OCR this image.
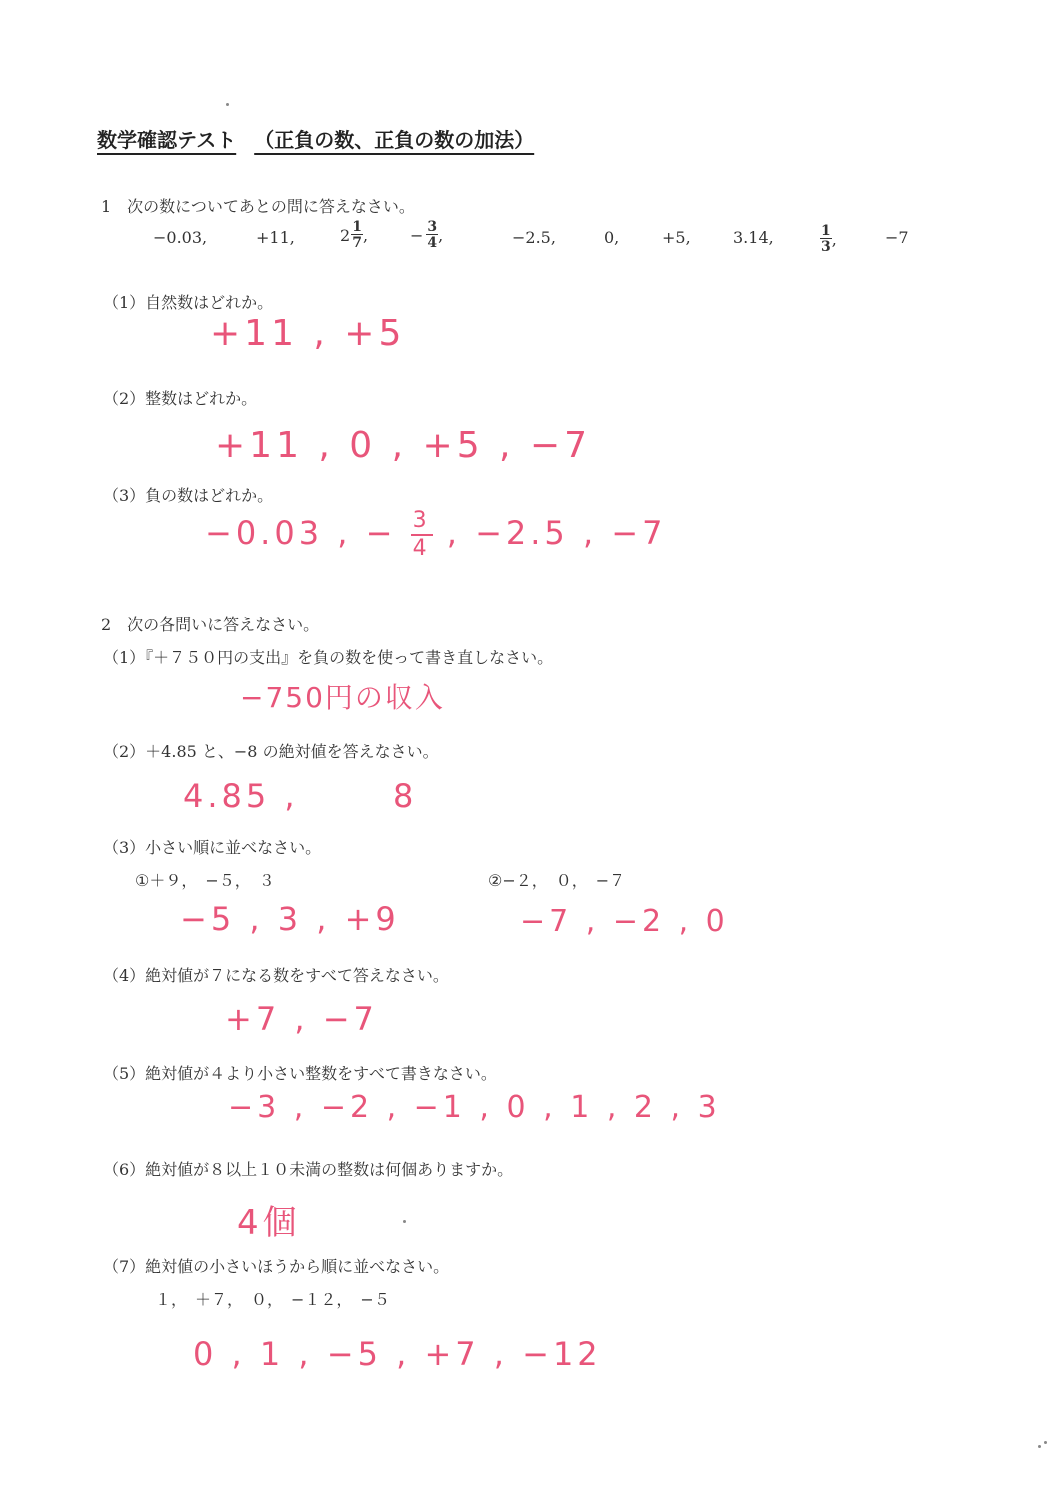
数学確認テスト （正負の数、正負の数の加法）
1　次の数についてあとの問に答えなさい。
−0.03,	+11,	$2 \frac{1}{7}$ ,	− $\frac{3}{4}$ ,	−2.5,	0,	+5,	3.14,	$\frac{1}{3}$ ,	−7
（1）自然数はどれか。
+11 , +5
（2）整数はどれか。
+11 , 0 , +5 , −7
（3）負の数はどれか。
−0.03 , − $\frac{3}{4}$ , −2.5 , −7
2　次の各問いに答えなさい。
（1）『＋７５０円の支出』を負の数を使って書き直しなさい。
−750円の収入
（2）＋4.85 と、−8 の絶対値を答えなさい。
4.85 ,	8
（3）小さい順に並べなさい。
①＋９，　−５，　３	②−２，　０，　−７
−5 , 3 , +9	−7 , −2 , 0
（4）絶対値が７になる数をすべて答えなさい。
+7 , −7
（5）絶対値が４より小さい整数をすべて書きなさい。
−3 , −2 , −1 , 0 , 1 , 2 , 3
（6）絶対値が８以上１０未満の整数は何個ありますか。
4個
（7）絶対値の小さいほうから順に並べなさい。
１，　＋７，　０，　−１２，　−５
0 , 1 , −5 , +7 , −12
